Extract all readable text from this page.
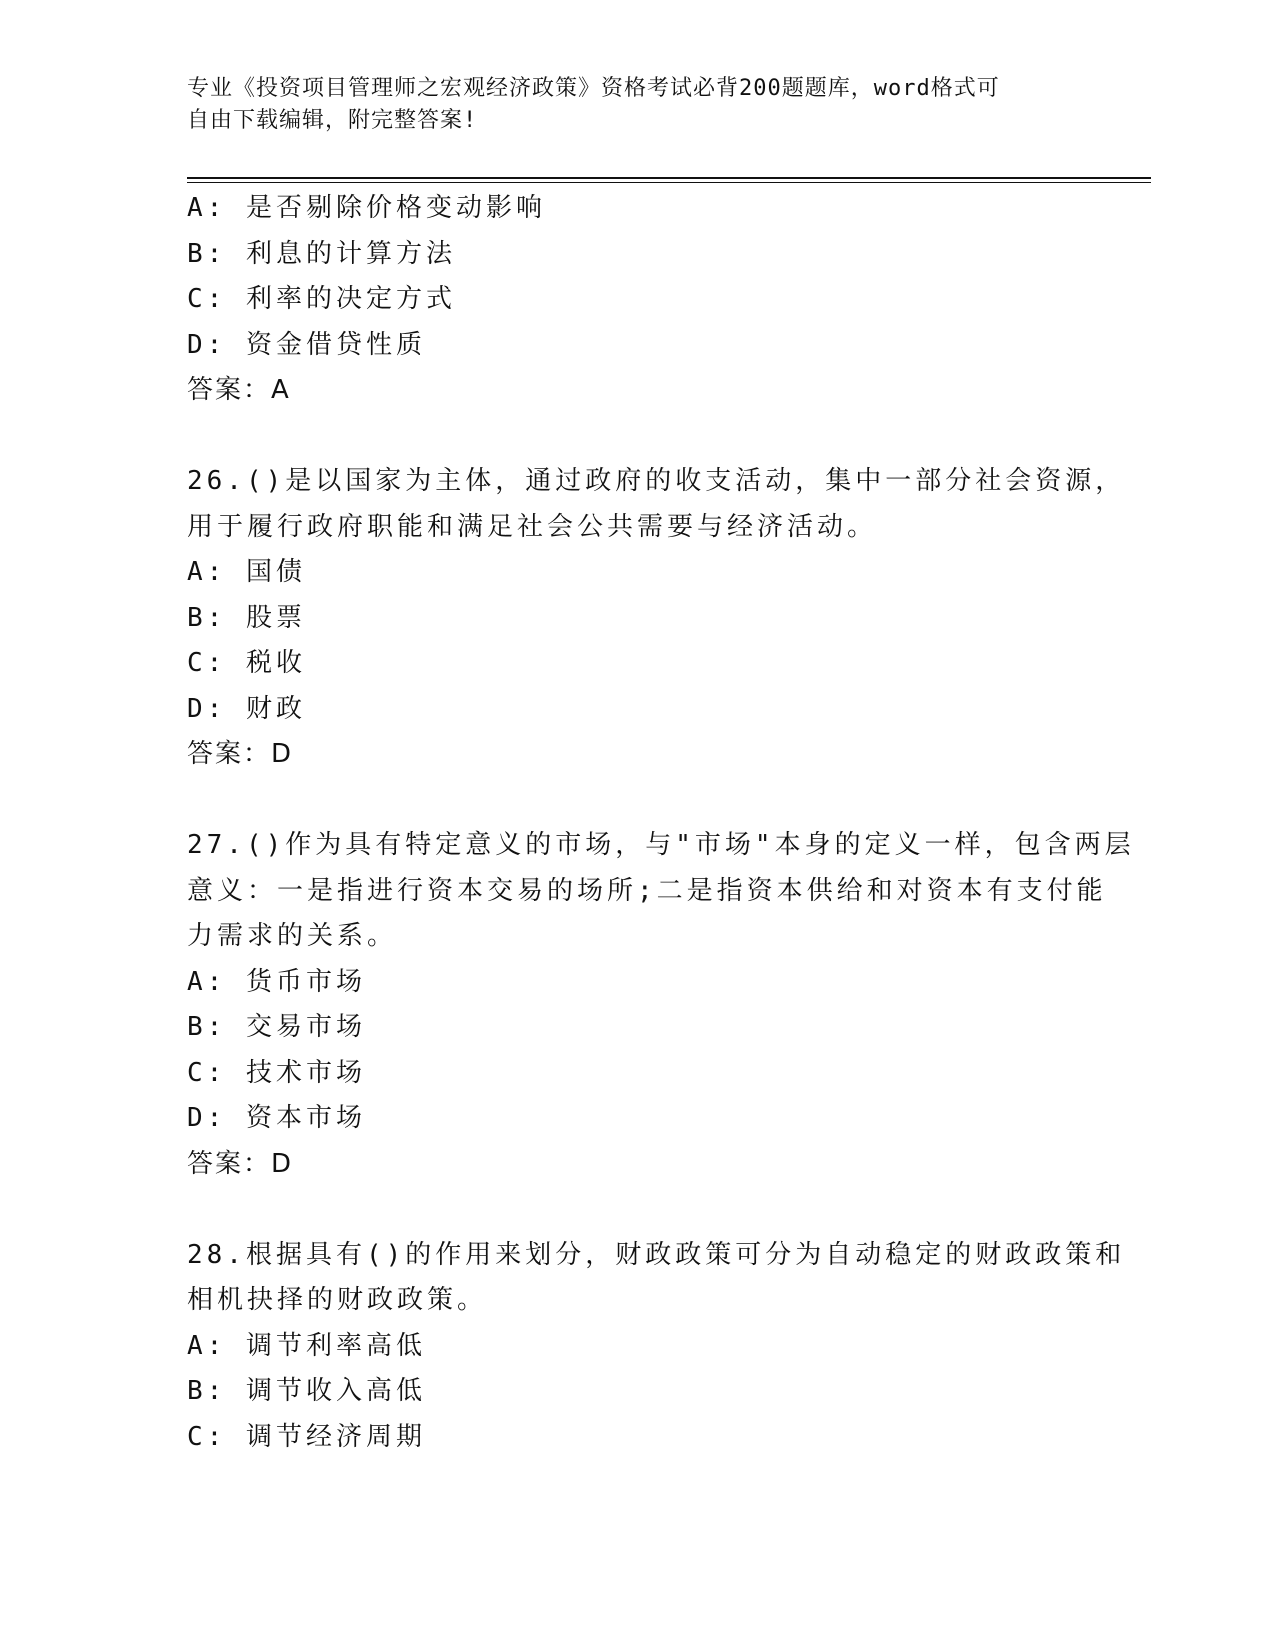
专业《投资项目管理师之宏观经济政策》资格考试必背200题题库，word格式可
自由下载编辑，附完整答案!
A: 是否剔除价格变动影响
B: 利息的计算方法
C: 利率的决定方式
D: 资金借贷性质
答案：A
26.()是以国家为主体，通过政府的收支活动，集中一部分社会资源，
用于履行政府职能和满足社会公共需要与经济活动。
A: 国债
B: 股票
C: 税收
D: 财政
答案：D
27.()作为具有特定意义的市场，与"市场"本身的定义一样，包含两层
意义：一是指进行资本交易的场所;二是指资本供给和对资本有支付能
力需求的关系。
A: 货币市场
B: 交易市场
C: 技术市场
D: 资本市场
答案：D
28.根据具有()的作用来划分，财政政策可分为自动稳定的财政政策和
相机抉择的财政政策。
A: 调节利率高低
B: 调节收入高低
C: 调节经济周期
